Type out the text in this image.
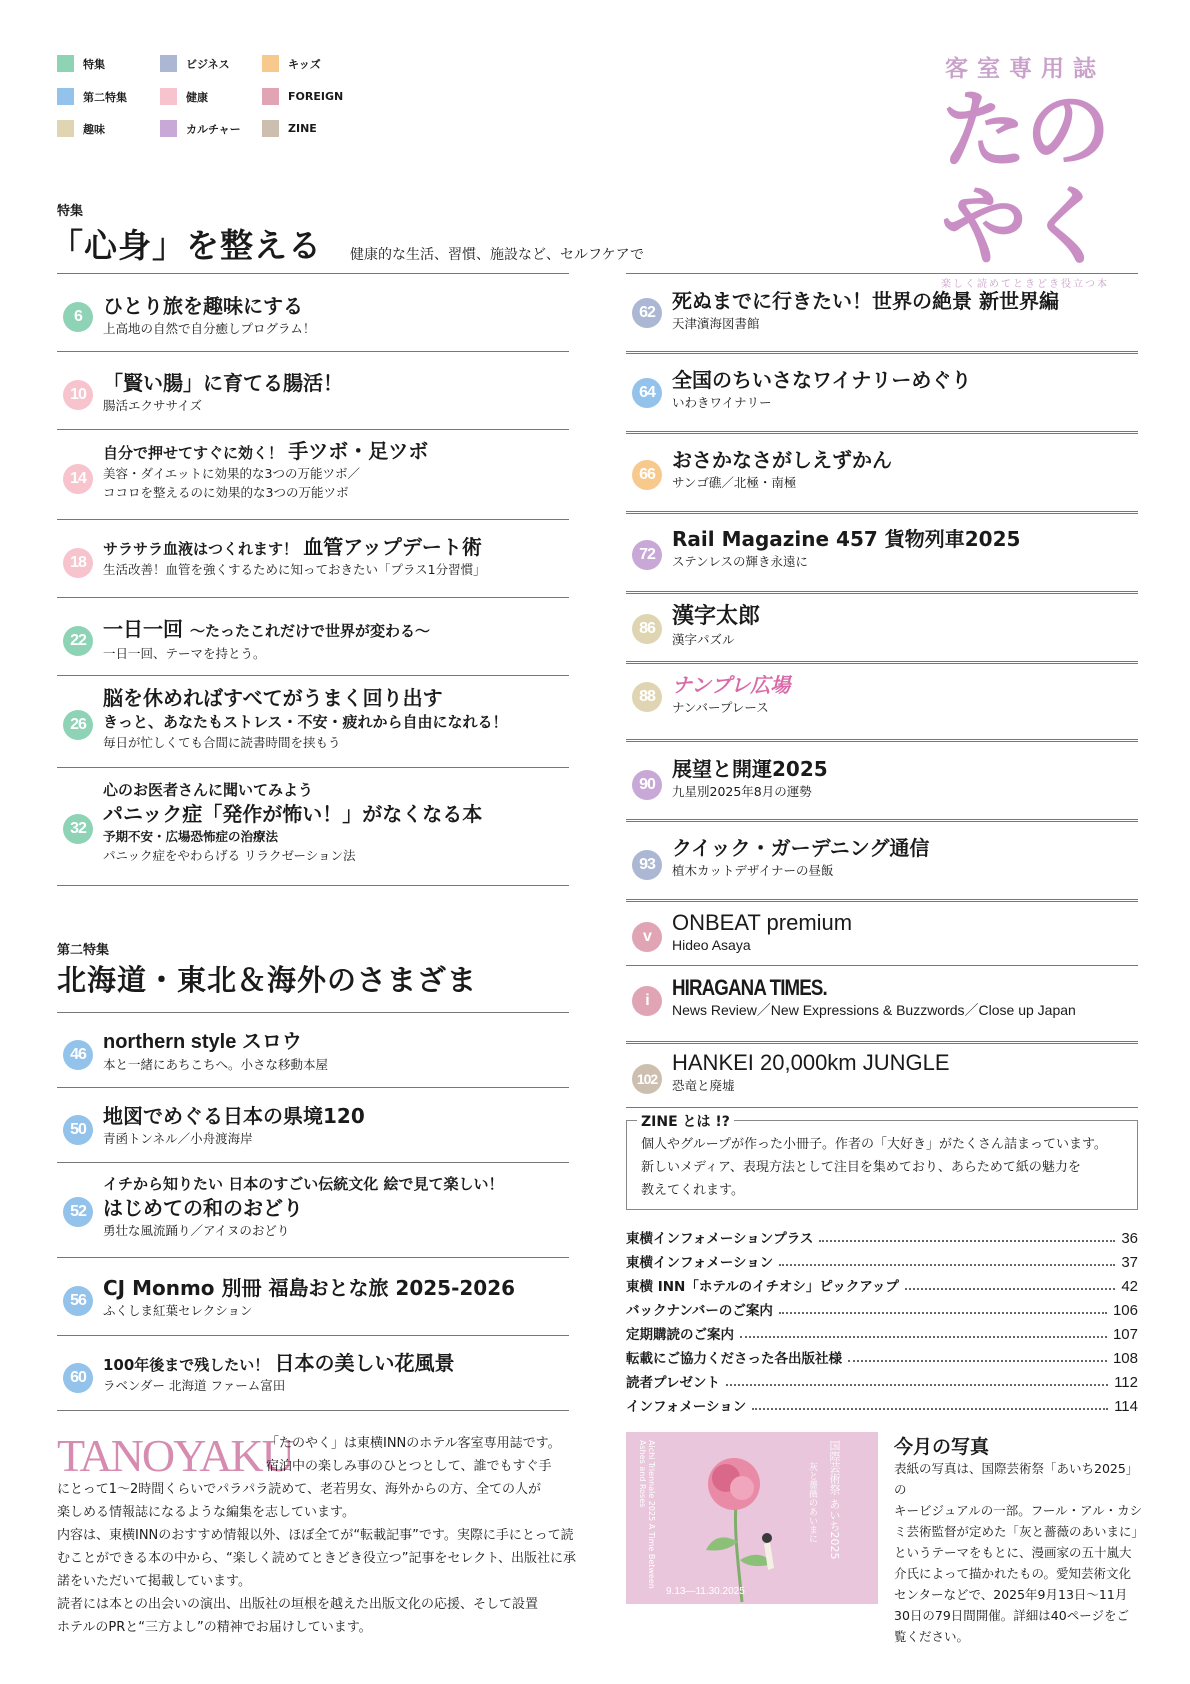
特集	ビジネス	キッズ
第二特集	健康	FOREIGN
趣味	カルチャー	ZINE
客室専用誌
たのやく
楽しく読めてときどき役立つ本
特集
「心身」を整える 健康的な生活、習慣、施設など、セルフケアで
6	ひとり旅を趣味にする
上高地の自然で自分癒しプログラム！
10 「賢い腸」に育てる腸活！
腸活エクササイズ
14
自分で押せてすぐに効く！ 手ツボ・足ツボ
美容・ダイエットに効果的な3つの万能ツボ／
ココロを整えるのに効果的な3つの万能ツボ
18
サラサラ血液はつくれます！ 血管アップデート術
生活改善！血管を強くするために知っておきたい「プラス1分習慣」
22 一日一回 ～たったこれだけで世界が変わる～
一日一回、テーマを持とう。
26
脳を休めればすべてがうまく回り出す
きっと、あなたもストレス・不安・疲れから自由になれる！
毎日が忙しくても合間に読書時間を挟もう
32
心のお医者さんに聞いてみよう
パニック症「発作が怖い！」がなくなる本
予期不安・広場恐怖症の治療法
パニック症をやわらげる リラクゼーション法
第二特集
北海道・東北＆海外のさまざま
46
northern style スロウ
本と一緒にあちこちへ。小さな移動本屋
50
地図でめぐる日本の県境120
青函トンネル／小舟渡海岸
52
イチから知りたい 日本のすごい伝統文化 絵で見て楽しい！
はじめての和のおどり
勇壮な風流踊り／アイヌのおどり
56
CJ Monmo 別冊 福島おとな旅 2025-2026
ふくしま紅葉セレクション
60
100年後まで残したい！ 日本の美しい花風景
ラベンダー 北海道 ファーム富田
62 死ぬまでに行きたい！世界の絶景 新世界編
天津濱海図書館
64
全国のちいさなワイナリーめぐり
いわきワイナリー
66
おさかなさがしえずかん
サンゴ礁／北極・南極
72
Rail Magazine 457 貨物列車2025
ステンレスの輝き永遠に
86 漢字太郎
漢字パズル
88 ナンプレ広場
ナンバープレース
90
展望と開運2025
九星別2025年8月の運勢
93
クイック・ガーデニング通信
植木カットデザイナーの昼飯
v
ONBEAT premium
Hideo Asaya
i
HIRAGANA TIMES.
News Review／New Expressions & Buzzwords／Close up Japan
102
HANKEI 20,000km JUNGLE
恐竜と廃墟
ZINE とは !?
個人やグループが作った小冊子。作者の「大好き」がたくさん詰まっています。
新しいメディア、表現方法として注目を集めており、あらためて紙の魅力を
教えてくれます。
東横インフォメーションプラス	36
東横インフォメーション	37
東横 INN「ホテルのイチオシ」ピックアップ	42
バックナンバーのご案内	106
定期購読のご案内	107
転載にご協力くださった各出版社様	108
読者プレゼント	112
インフォメーション	114
TANOYAKU
「たのやく」は東横INNのホテル客室専用誌です。
宿泊中の楽しみ事のひとつとして、誰でもすぐ手
にとって1～2時間くらいでパラパラ読めて、老若男女、海外からの方、全ての人が
楽しめる情報誌になるような編集を志しています。
内容は、東横INNのおすすめ情報以外、ほぼ全てが“転載記事”です。実際に手にとって読
むことができる本の中から、“楽しく読めてときどき役立つ”記事をセレクト、出版社に承
諾をいただいて掲載しています。
読者には本との出会いの演出、出版社の垣根を越えた出版文化の応援、そして設置
ホテルのPRと“三方よし”の精神でお届けしています。
Aichi Triennale 2025 A Time Between Ashes and Roses	国際芸術祭 あいち2025
灰と薔薇のあいまに
9.13—11.30.2025
今月の写真
表紙の写真は、国際芸術祭「あいち2025」の
キービジュアルの一部。フール・アル・カシ
ミ芸術監督が定めた「灰と薔薇のあいまに」
というテーマをもとに、漫画家の五十嵐大
介氏によって描かれたもの。愛知芸術文化
センターなどで、2025年9月13日～11月
30日の79日間開催。詳細は40ページをご
覧ください。
